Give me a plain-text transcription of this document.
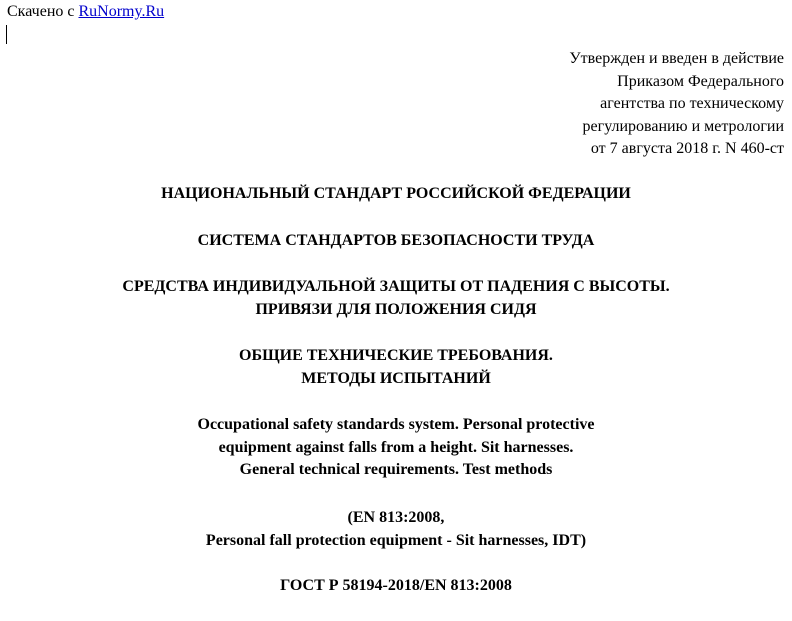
Скачено с RuNormy.Ru
Утвержден и введен в действие
Приказом Федерального
агентства по техническому
регулированию и метрологии
от 7 августа 2018 г. N 460-ст
НАЦИОНАЛЬНЫЙ СТАНДАРТ РОССИЙСКОЙ ФЕДЕРАЦИИ
СИСТЕМА СТАНДАРТОВ БЕЗОПАСНОСТИ ТРУДА
СРЕДСТВА ИНДИВИДУАЛЬНОЙ ЗАЩИТЫ ОТ ПАДЕНИЯ С ВЫСОТЫ.
ПРИВЯЗИ ДЛЯ ПОЛОЖЕНИЯ СИДЯ
ОБЩИЕ ТЕХНИЧЕСКИЕ ТРЕБОВАНИЯ.
МЕТОДЫ ИСПЫТАНИЙ
Occupational safety standards system. Personal protective
equipment against falls from a height. Sit harnesses.
General technical requirements. Test methods
(EN 813:2008,
Personal fall protection equipment - Sit harnesses, IDT)
ГОСТ Р 58194-2018/EN 813:2008
